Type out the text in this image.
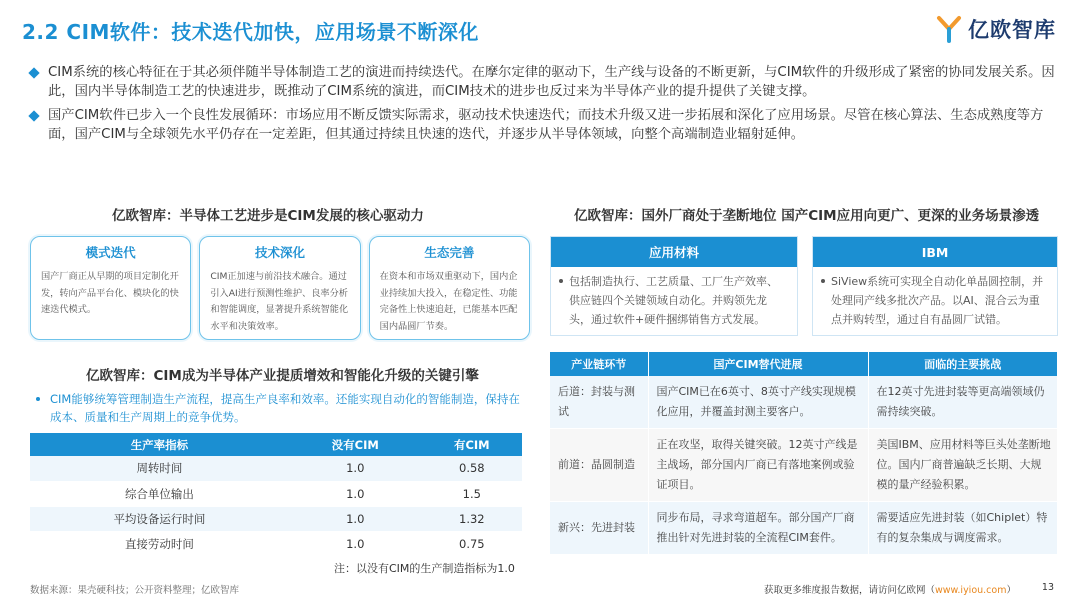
2.2 CIM软件：技术迭代加快，应用场景不断深化	亿欧智库
CIM系统的核心特征在于其必须伴随半导体制造工艺的演进而持续迭代。在摩尔定律的驱动下，生产线与设备的不断更新，与CIM软件的升级形成了紧密的协同发展关系。因此，国内半导体制造工艺的快速进步，既推动了CIM系统的演进，而CIM技术的进步也反过来为半导体产业的提升提供了关键支撑。
国产CIM软件已步入一个良性发展循环：市场应用不断反馈实际需求，驱动技术快速迭代；而技术升级又进一步拓展和深化了应用场景。尽管在核心算法、生态成熟度等方面，国产CIM与全球领先水平仍存在一定差距，但其通过持续且快速的迭代，并逐步从半导体领域，向整个高端制造业辐射延伸。
亿欧智库：半导体工艺进步是CIM发展的核心驱动力
模式迭代
国产厂商正从早期的项目定制化开发，转向产品平台化、模块化的快速迭代模式。
技术深化
CIM正加速与前沿技术融合。通过引入AI进行预测性维护、良率分析和智能调度，显著提升系统智能化水平和决策效率。
生态完善
在资本和市场双重驱动下，国内企业持续加大投入，在稳定性、功能完备性上快速追赶，已能基本匹配国内晶圆厂节奏。
亿欧智库：CIM成为半导体产业提质增效和智能化升级的关键引擎
CIM能够统筹管理制造生产流程，提高生产良率和效率。还能实现自动化的智能制造，保持在成本、质量和生产周期上的竞争优势。
生产率指标	没有CIM	有CIM
周转时间	1.0	0.58
综合单位输出	1.0	1.5
平均设备运行时间	1.0	1.32
直接劳动时间	1.0	0.75
注：以没有CIM的生产制造指标为1.0
亿欧智库：国外厂商处于垄断地位 国产CIM应用向更广、更深的业务场景渗透
应用材料
包括制造执行、工艺质量、工厂生产效率、供应链四个关键领域自动化。并购领先龙头，通过软件+硬件捆绑销售方式发展。
IBM
SiView系统可实现全自动化单晶圆控制，并处理同产线多批次产品。以AI、混合云为重点并购转型，通过自有晶圆厂试错。
产业链环节	国产CIM替代进展	面临的主要挑战
后道：封装与测试	国产CIM已在6英寸、8英寸产线实现规模化应用，并覆盖封测主要客户。	在12英寸先进封装等更高端领域仍需持续突破。
前道：晶圆制造	正在攻坚，取得关键突破。12英寸产线是主战场，部分国内厂商已有落地案例或验证项目。	美国IBM、应用材料等巨头处垄断地位。国内厂商普遍缺乏长期、大规模的量产经验积累。
新兴：先进封装	同步布局，寻求弯道超车。部分国产厂商推出针对先进封装的全流程CIM套件。	需要适应先进封装（如Chiplet）特有的复杂集成与调度需求。
数据来源：果壳硬科技；公开资料整理；亿欧智库	获取更多维度报告数据，请访问亿欧网（www.iyiou.com）	13
